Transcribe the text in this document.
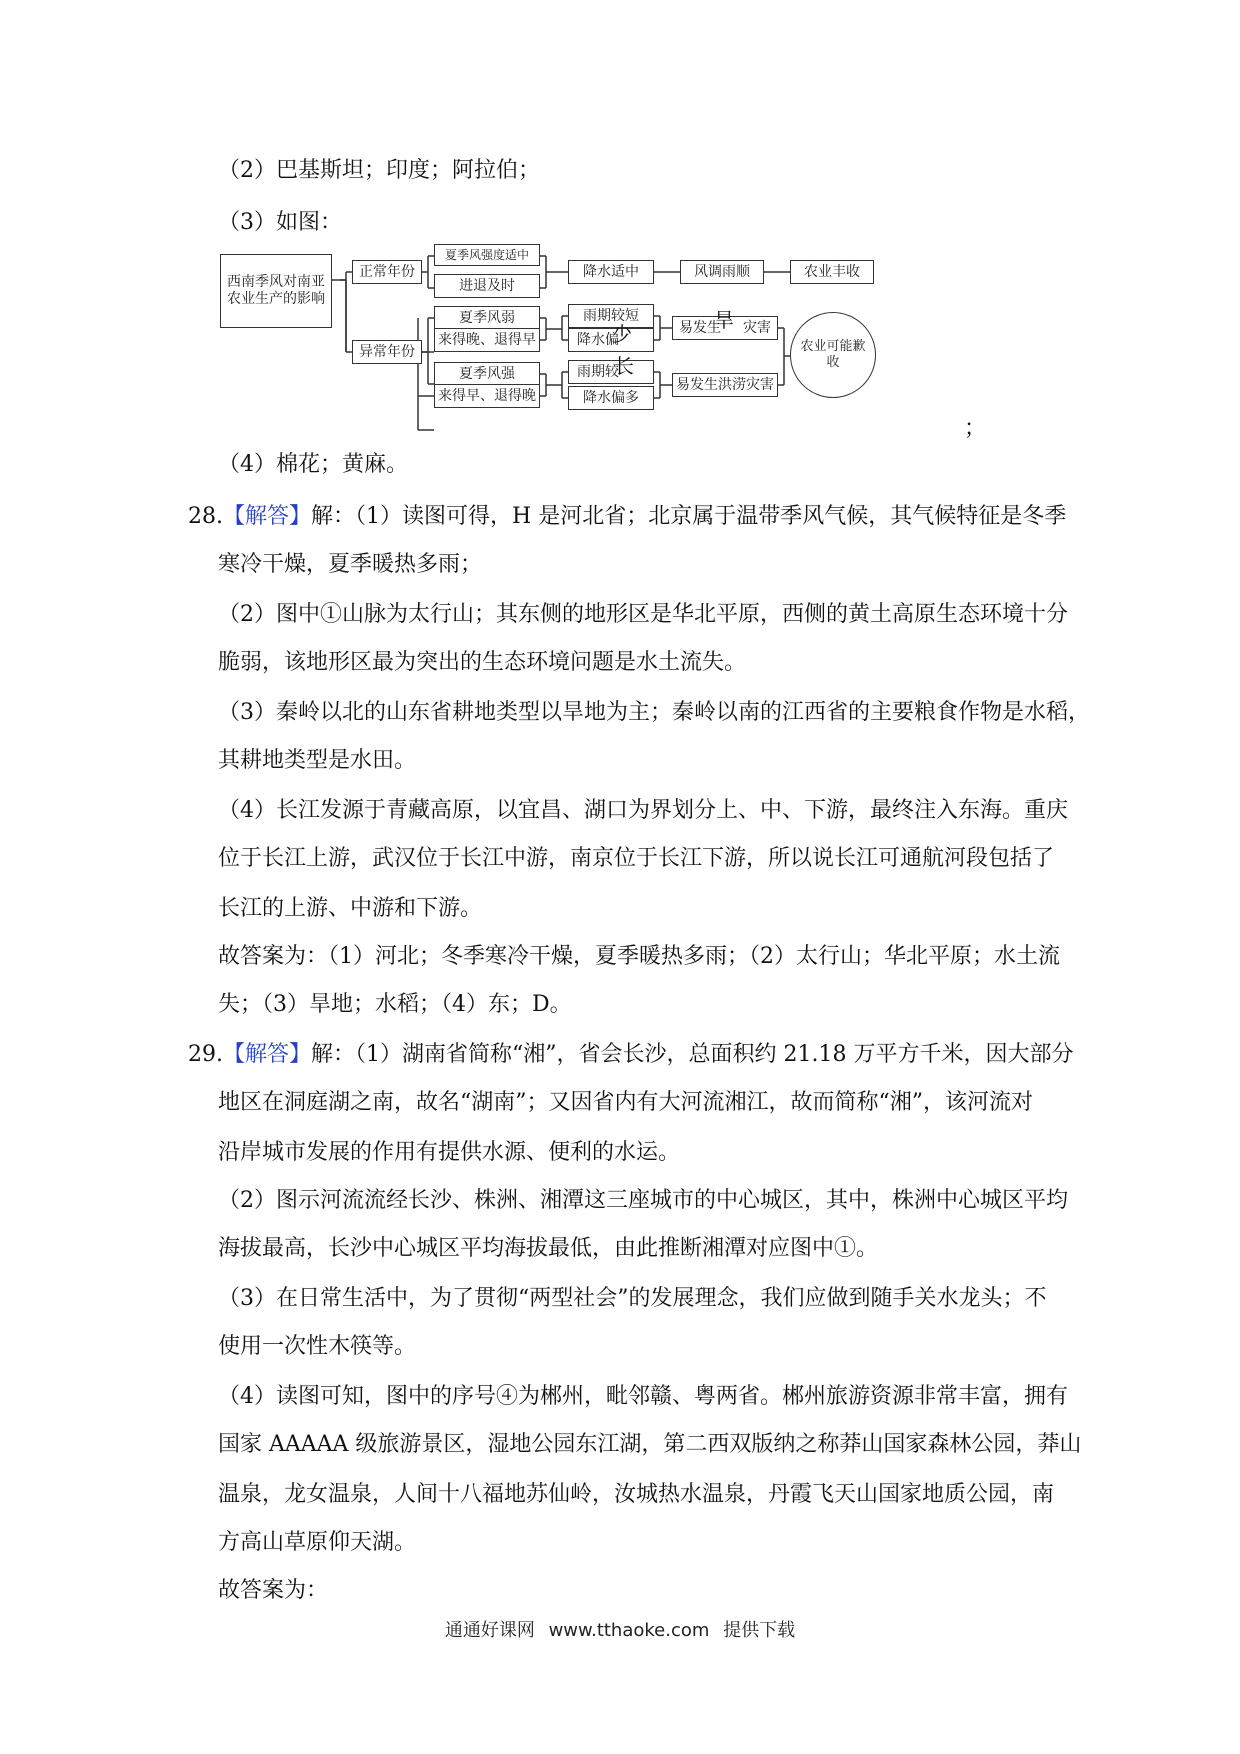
（2）巴基斯坦；印度；阿拉伯；
（3）如图：
西南季风对南亚农业生产的影响
正常年份
异常年份
夏季风强度适中
进退及时
降水适中	风调雨顺	农业丰收
夏季风弱
来得晚、退得早
夏季风强
来得早、退得晚
雨期较短
降水偏
雨期较
降水偏多
易发生 灾害
易发生洪涝灾害
农业可能歉收
旱
少
长
；
（4）棉花；黄麻。
28.【解答】解：（1）读图可得，H 是河北省；北京属于温带季风气候，其气候特征是冬季
寒冷干燥，夏季暖热多雨；
（2）图中①山脉为太行山；其东侧的地形区是华北平原，西侧的黄土高原生态环境十分
脆弱，该地形区最为突出的生态环境问题是水土流失。
（3）秦岭以北的山东省耕地类型以旱地为主；秦岭以南的江西省的主要粮食作物是水稻，
其耕地类型是水田。
（4）长江发源于青藏高原，以宜昌、湖口为界划分上、中、下游，最终注入东海。重庆
位于长江上游，武汉位于长江中游，南京位于长江下游，所以说长江可通航河段包括了
长江的上游、中游和下游。
故答案为：（1）河北；冬季寒冷干燥，夏季暖热多雨；（2）太行山；华北平原；水土流
失；（3）旱地；水稻；（4）东；D。
29.【解答】解：（1）湖南省简称“湘”，省会长沙，总面积约 21.18 万平方千米，因大部分
地区在洞庭湖之南，故名“湖南”；又因省内有大河流湘江，故而简称“湘”，该河流对
沿岸城市发展的作用有提供水源、便利的水运。
（2）图示河流流经长沙、株洲、湘潭这三座城市的中心城区，其中，株洲中心城区平均
海拔最高，长沙中心城区平均海拔最低，由此推断湘潭对应图中①。
（3）在日常生活中，为了贯彻“两型社会”的发展理念，我们应做到随手关水龙头；不
使用一次性木筷等。
（4）读图可知，图中的序号④为郴州，毗邻赣、粤两省。郴州旅游资源非常丰富，拥有
国家 AAAAA 级旅游景区，湿地公园东江湖，第二西双版纳之称莽山国家森林公园，莽山
温泉，龙女温泉，人间十八福地苏仙岭，汝城热水温泉，丹霞飞天山国家地质公园，南
方高山草原仰天湖。
故答案为：
通通好课网 www.tthaoke.com 提供下载
